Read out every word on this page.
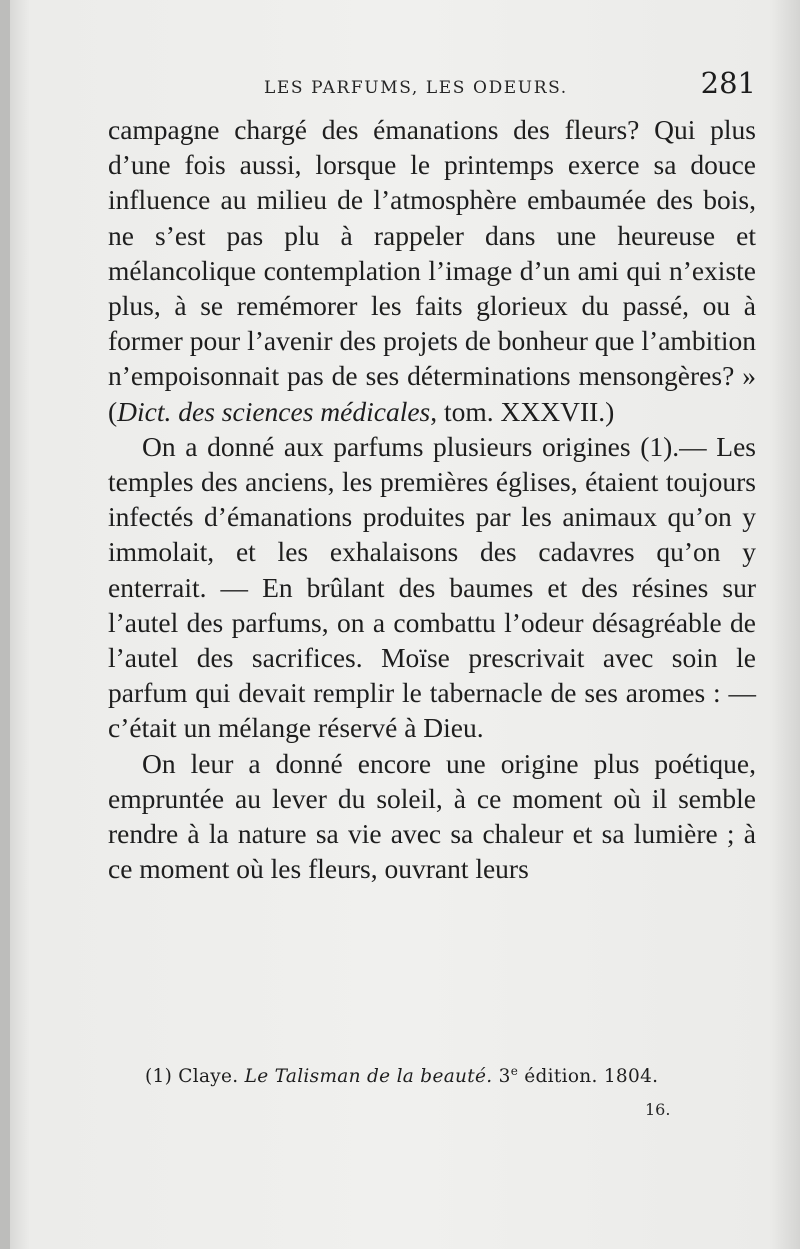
LES PARFUMS, LES ODEURS.	281

campagne chargé des émanations des fleurs? Qui plus d’une fois aussi, lorsque le printemps exerce sa douce influence au milieu de l’atmosphère embaumée des bois, ne s’est pas plu à rappeler dans une heureuse et mélancolique contemplation l’image d’un ami qui n’existe plus, à se remémorer les faits glorieux du passé, ou à former pour l’avenir des projets de bonheur que l’ambition n’empoisonnait pas de ses déterminations mensongères? » (Dict. des sciences médicales, tom. XXXVII.)

On a donné aux parfums plusieurs origines (1).— Les temples des anciens, les premières églises, étaient toujours infectés d’émanations produites par les animaux qu’on y immolait, et les exhalaisons des cadavres qu’on y enterrait. — En brûlant des baumes et des résines sur l’autel des parfums, on a combattu l’odeur désagréable de l’autel des sacrifices. Moïse prescrivait avec soin le parfum qui devait remplir le tabernacle de ses aromes : — c’était un mélange réservé à Dieu.

On leur a donné encore une origine plus poétique, empruntée au lever du soleil, à ce moment où il semble rendre à la nature sa vie avec sa chaleur et sa lumière ; à ce moment où les fleurs, ouvrant leurs

(1) Claye. Le Talisman de la beauté. 3e édition. 1804.
16.
